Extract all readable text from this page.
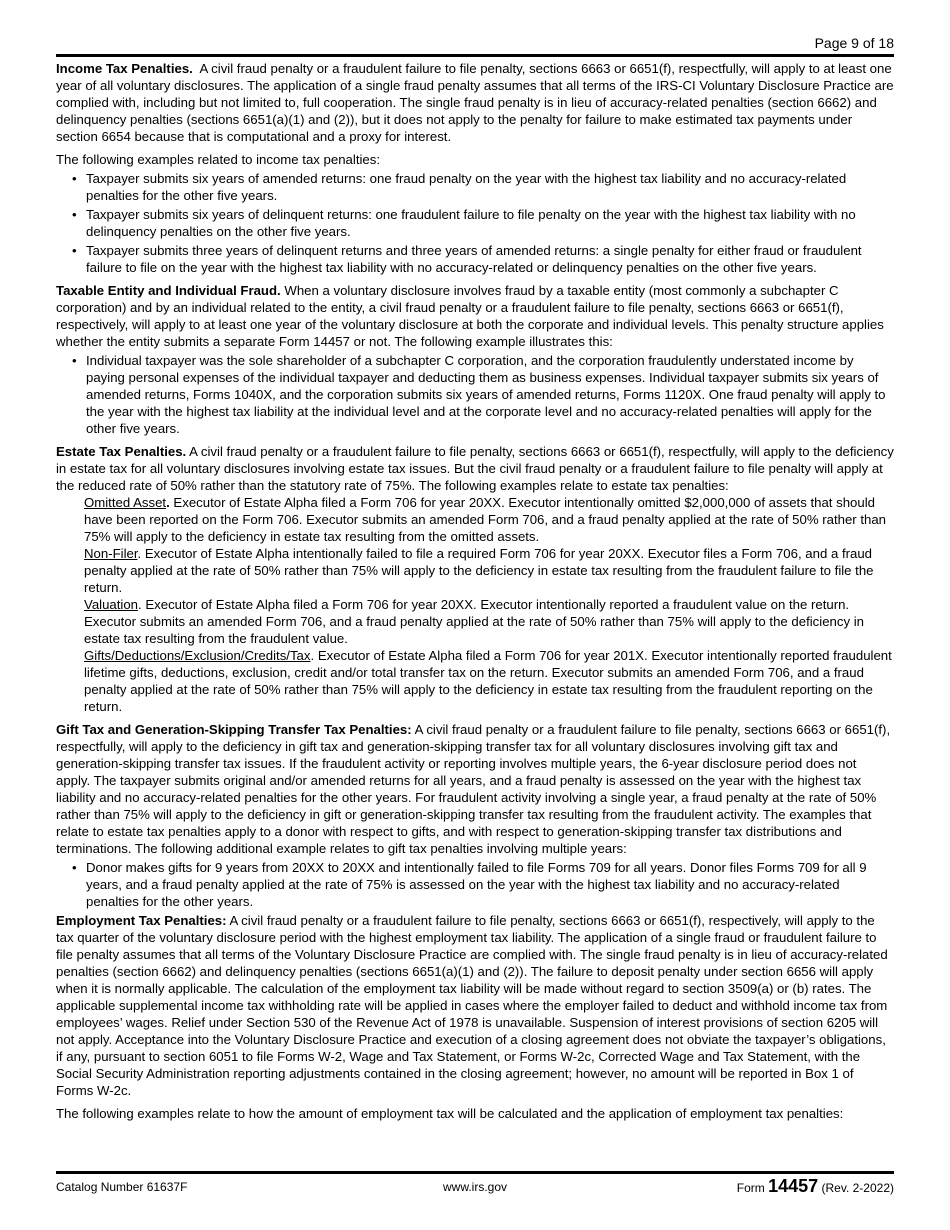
Page 9 of 18

Income Tax Penalties. A civil fraud penalty or a fraudulent failure to file penalty, sections 6663 or 6651(f), respectfully, will apply to at least one year of all voluntary disclosures. The application of a single fraud penalty assumes that all terms of the IRS-CI Voluntary Disclosure Practice are complied with, including but not limited to, full cooperation. The single fraud penalty is in lieu of accuracy-related penalties (section 6662) and delinquency penalties (sections 6651(a)(1) and (2)), but it does not apply to the penalty for failure to make estimated tax payments under section 6654 because that is computational and a proxy for interest.

The following examples related to income tax penalties:

• Taxpayer submits six years of amended returns: one fraud penalty on the year with the highest tax liability and no accuracy-related penalties for the other five years.
• Taxpayer submits six years of delinquent returns: one fraudulent failure to file penalty on the year with the highest tax liability with no delinquency penalties on the other five years.
• Taxpayer submits three years of delinquent returns and three years of amended returns: a single penalty for either fraud or fraudulent failure to file on the year with the highest tax liability with no accuracy-related or delinquency penalties on the other five years.

Taxable Entity and Individual Fraud. When a voluntary disclosure involves fraud by a taxable entity (most commonly a subchapter C corporation) and by an individual related to the entity, a civil fraud penalty or a fraudulent failure to file penalty, sections 6663 or 6651(f), respectively, will apply to at least one year of the voluntary disclosure at both the corporate and individual levels. This penalty structure applies whether the entity submits a separate Form 14457 or not. The following example illustrates this:

• Individual taxpayer was the sole shareholder of a subchapter C corporation, and the corporation fraudulently understated income by paying personal expenses of the individual taxpayer and deducting them as business expenses. Individual taxpayer submits six years of amended returns, Forms 1040X, and the corporation submits six years of amended returns, Forms 1120X. One fraud penalty will apply to the year with the highest tax liability at the individual level and at the corporate level and no accuracy-related penalties will apply for the other five years.

Estate Tax Penalties. A civil fraud penalty or a fraudulent failure to file penalty, sections 6663 or 6651(f), respectfully, will apply to the deficiency in estate tax for all voluntary disclosures involving estate tax issues. But the civil fraud penalty or a fraudulent failure to file penalty will apply at the reduced rate of 50% rather than the statutory rate of 75%. The following examples relate to estate tax penalties:

Omitted Asset. Executor of Estate Alpha filed a Form 706 for year 20XX. Executor intentionally omitted $2,000,000 of assets that should have been reported on the Form 706. Executor submits an amended Form 706, and a fraud penalty applied at the rate of 50% rather than 75% will apply to the deficiency in estate tax resulting from the omitted assets.
Non-Filer. Executor of Estate Alpha intentionally failed to file a required Form 706 for year 20XX. Executor files a Form 706, and a fraud penalty applied at the rate of 50% rather than 75% will apply to the deficiency in estate tax resulting from the fraudulent failure to file the return.
Valuation. Executor of Estate Alpha filed a Form 706 for year 20XX. Executor intentionally reported a fraudulent value on the return. Executor submits an amended Form 706, and a fraud penalty applied at the rate of 50% rather than 75% will apply to the deficiency in estate tax resulting from the fraudulent value.
Gifts/Deductions/Exclusion/Credits/Tax. Executor of Estate Alpha filed a Form 706 for year 201X. Executor intentionally reported fraudulent lifetime gifts, deductions, exclusion, credit and/or total transfer tax on the return. Executor submits an amended Form 706, and a fraud penalty applied at the rate of 50% rather than 75% will apply to the deficiency in estate tax resulting from the fraudulent reporting on the return.

Gift Tax and Generation-Skipping Transfer Tax Penalties: A civil fraud penalty or a fraudulent failure to file penalty, sections 6663 or 6651(f), respectfully, will apply to the deficiency in gift tax and generation-skipping transfer tax for all voluntary disclosures involving gift tax and generation-skipping transfer tax issues. If the fraudulent activity or reporting involves multiple years, the 6-year disclosure period does not apply. The taxpayer submits original and/or amended returns for all years, and a fraud penalty is assessed on the year with the highest tax liability and no accuracy-related penalties for the other years. For fraudulent activity involving a single year, a fraud penalty at the rate of 50% rather than 75% will apply to the deficiency in gift or generation-skipping transfer tax resulting from the fraudulent activity. The examples that relate to estate tax penalties apply to a donor with respect to gifts, and with respect to generation-skipping transfer tax distributions and terminations. The following additional example relates to gift tax penalties involving multiple years:

• Donor makes gifts for 9 years from 20XX to 20XX and intentionally failed to file Forms 709 for all years. Donor files Forms 709 for all 9 years, and a fraud penalty applied at the rate of 75% is assessed on the year with the highest tax liability and no accuracy-related penalties for the other years.

Employment Tax Penalties: A civil fraud penalty or a fraudulent failure to file penalty, sections 6663 or 6651(f), respectively, will apply to the tax quarter of the voluntary disclosure period with the highest employment tax liability. The application of a single fraud or fraudulent failure to file penalty assumes that all terms of the Voluntary Disclosure Practice are complied with. The single fraud penalty is in lieu of accuracy-related penalties (section 6662) and delinquency penalties (sections 6651(a)(1) and (2)). The failure to deposit penalty under section 6656 will apply when it is normally applicable. The calculation of the employment tax liability will be made without regard to section 3509(a) or (b) rates. The applicable supplemental income tax withholding rate will be applied in cases where the employer failed to deduct and withhold income tax from employees’ wages. Relief under Section 530 of the Revenue Act of 1978 is unavailable. Suspension of interest provisions of section 6205 will not apply. Acceptance into the Voluntary Disclosure Practice and execution of a closing agreement does not obviate the taxpayer’s obligations, if any, pursuant to section 6051 to file Forms W-2, Wage and Tax Statement, or Forms W-2c, Corrected Wage and Tax Statement, with the Social Security Administration reporting adjustments contained in the closing agreement; however, no amount will be reported in Box 1 of Forms W-2c.

The following examples relate to how the amount of employment tax will be calculated and the application of employment tax penalties:

Catalog Number 61637F	www.irs.gov	Form 14457 (Rev. 2-2022)
